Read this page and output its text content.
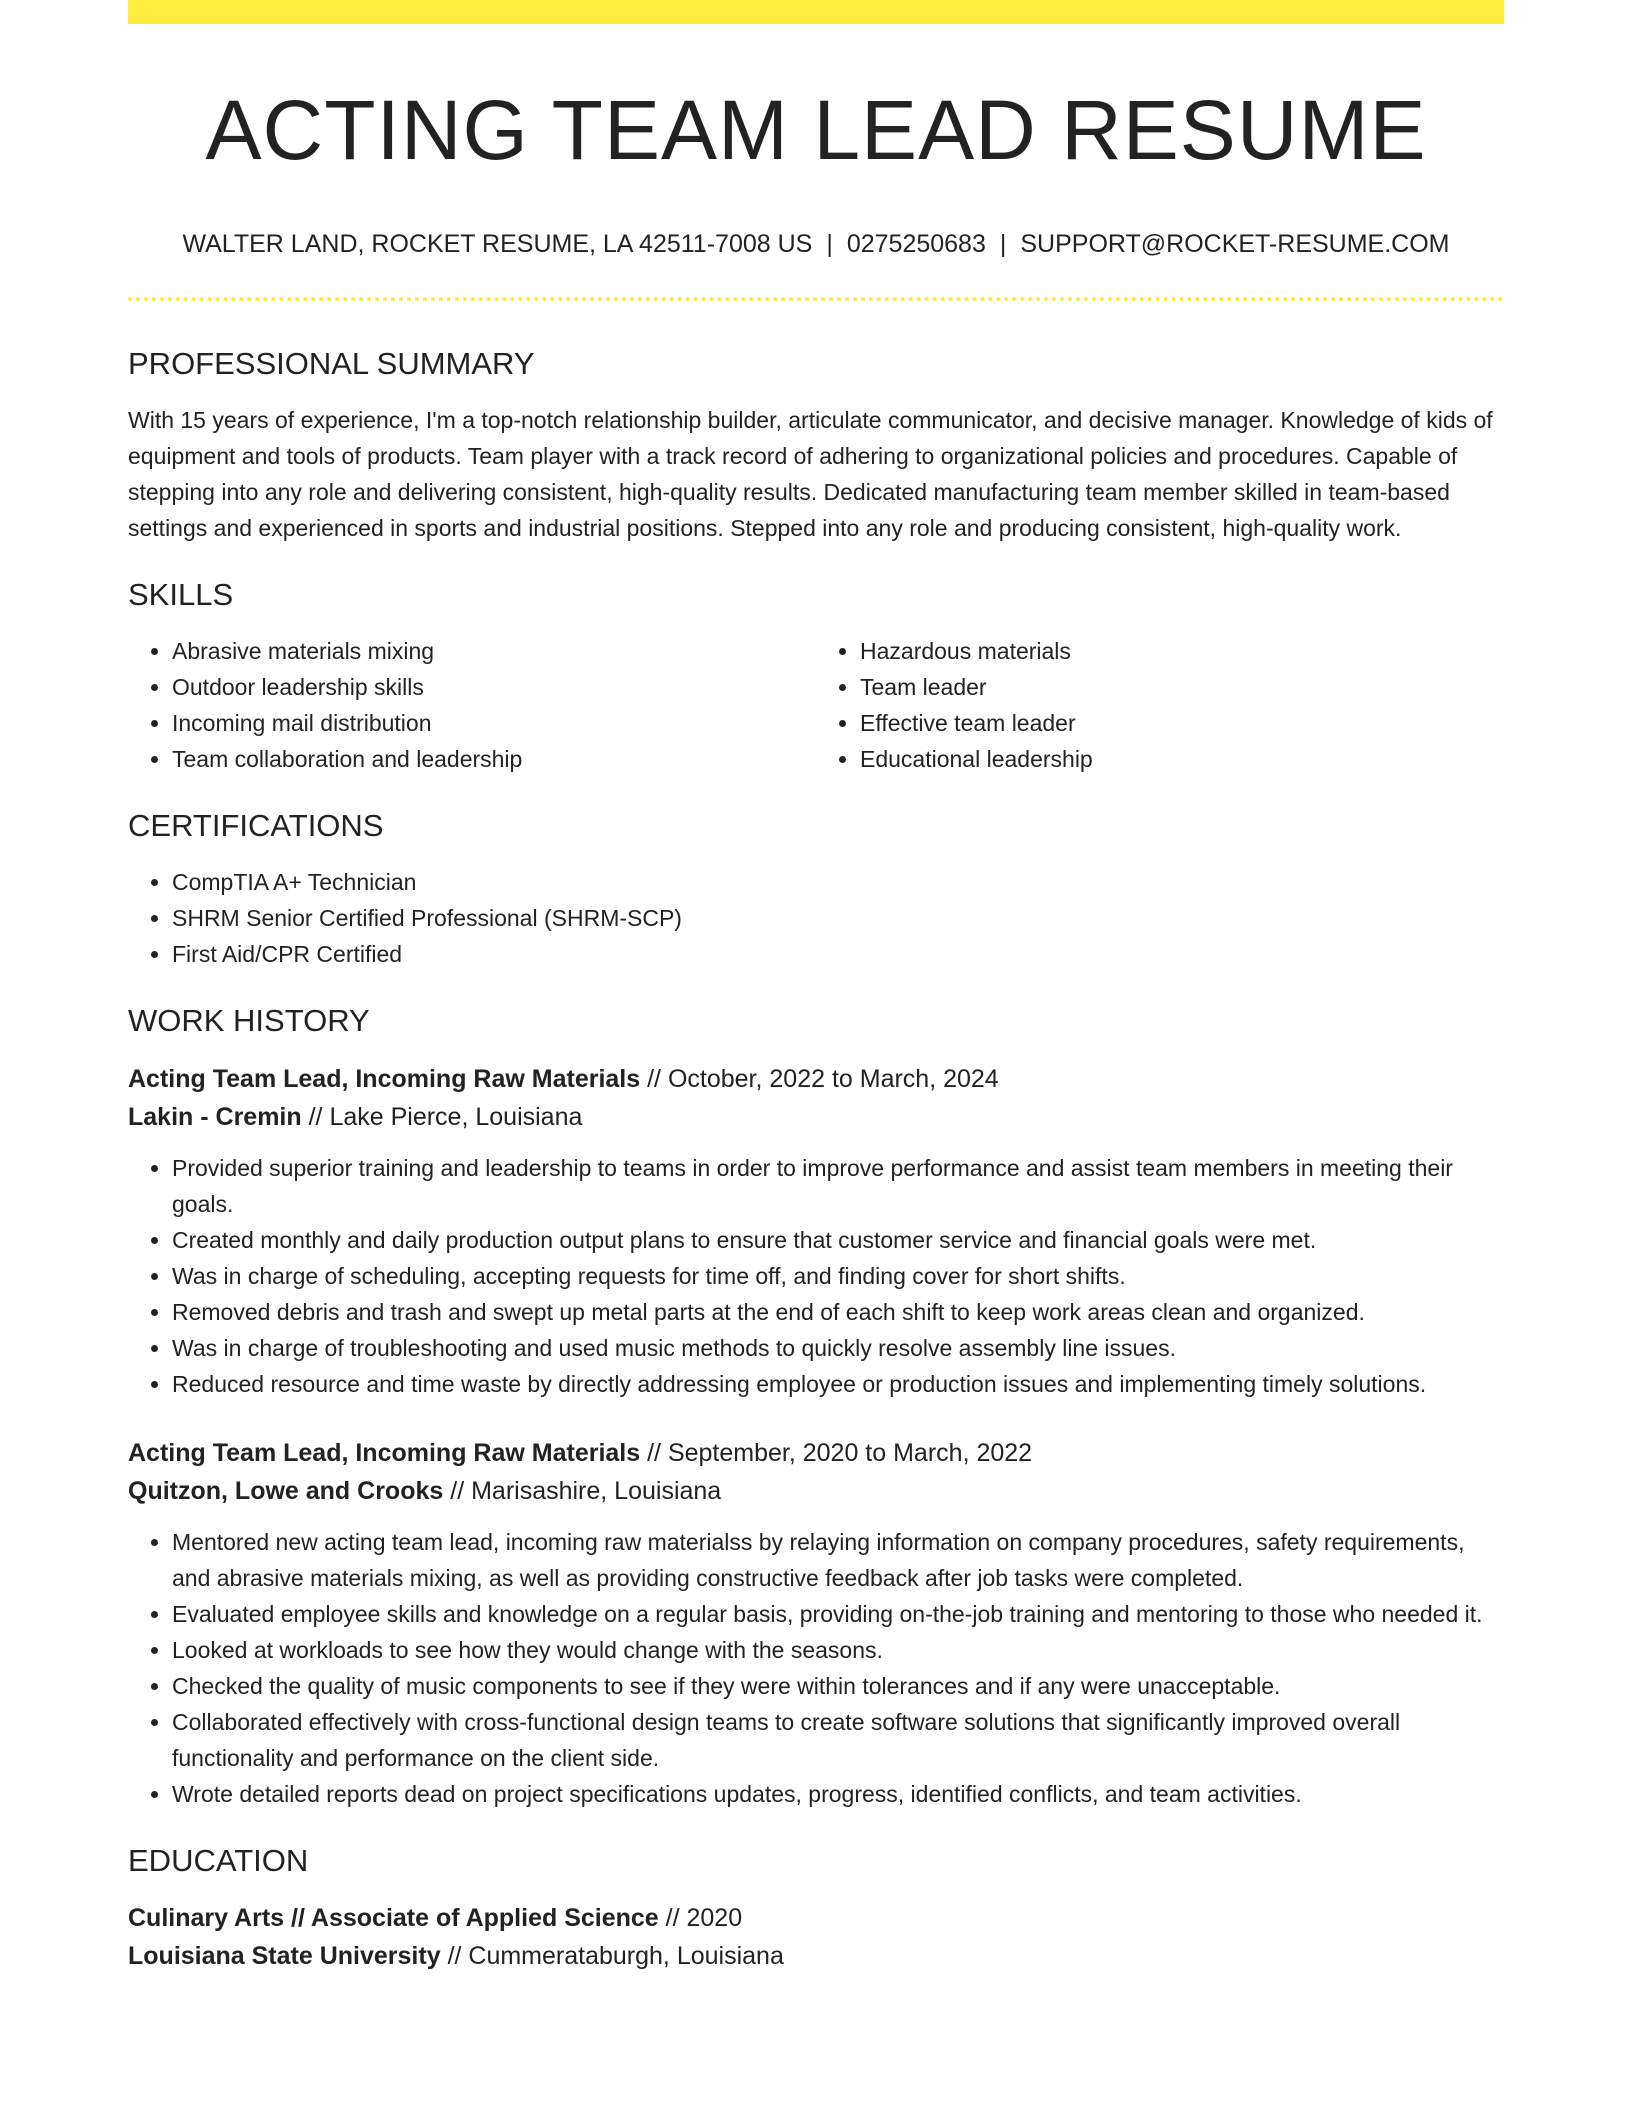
ACTING TEAM LEAD RESUME
WALTER LAND, ROCKET RESUME, LA 42511-7008 US | 0275250683 | SUPPORT@ROCKET-RESUME.COM
PROFESSIONAL SUMMARY

With 15 years of experience, I'm a top-notch relationship builder, articulate communicator, and decisive manager. Knowledge of kids of equipment and tools of products. Team player with a track record of adhering to organizational policies and procedures. Capable of stepping into any role and delivering consistent, high-quality results. Dedicated manufacturing team member skilled in team-based settings and experienced in sports and industrial positions. Stepped into any role and producing consistent, high-quality work.

SKILLS
• Abrasive materials mixing
• Outdoor leadership skills
• Incoming mail distribution
• Team collaboration and leadership
• Hazardous materials
• Team leader
• Effective team leader
• Educational leadership
CERTIFICATIONS
• CompTIA A+ Technician
• SHRM Senior Certified Professional (SHRM-SCP)
• First Aid/CPR Certified
WORK HISTORY

Acting Team Lead, Incoming Raw Materials // October, 2022 to March, 2024

Lakin - Cremin // Lake Pierce, Louisiana

• Provided superior training and leadership to teams in order to improve performance and assist team members in meeting their goals.
• Created monthly and daily production output plans to ensure that customer service and financial goals were met.
• Was in charge of scheduling, accepting requests for time off, and finding cover for short shifts.
• Removed debris and trash and swept up metal parts at the end of each shift to keep work areas clean and organized.
• Was in charge of troubleshooting and used music methods to quickly resolve assembly line issues.
• Reduced resource and time waste by directly addressing employee or production issues and implementing timely solutions.

Acting Team Lead, Incoming Raw Materials // September, 2020 to March, 2022

Quitzon, Lowe and Crooks // Marisashire, Louisiana

• Mentored new acting team lead, incoming raw materialss by relaying information on company procedures, safety requirements, and abrasive materials mixing, as well as providing constructive feedback after job tasks were completed.
• Evaluated employee skills and knowledge on a regular basis, providing on-the-job training and mentoring to those who needed it.
• Looked at workloads to see how they would change with the seasons.
• Checked the quality of music components to see if they were within tolerances and if any were unacceptable.
• Collaborated effectively with cross-functional design teams to create software solutions that significantly improved overall functionality and performance on the client side.
• Wrote detailed reports dead on project specifications updates, progress, identified conflicts, and team activities.
EDUCATION

Culinary Arts // Associate of Applied Science // 2020

Louisiana State University // Cummerataburgh, Louisiana
